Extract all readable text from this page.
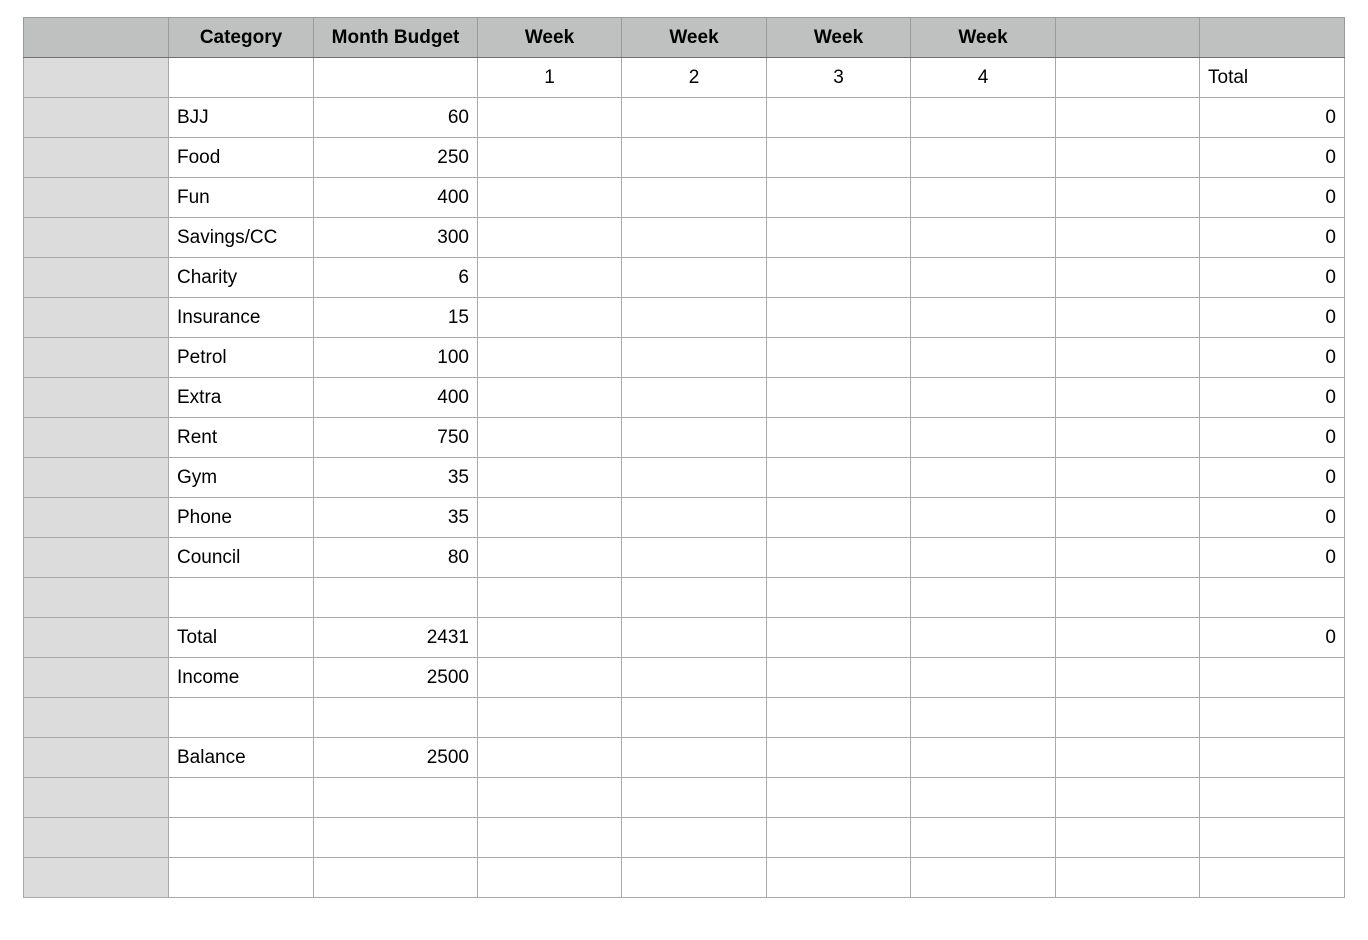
	Category	Month Budget	Week	Week	Week	Week		
			1	2	3	4		Total
	BJJ	60						0
	Food	250						0
	Fun	400						0
	Savings/CC	300						0
	Charity	6						0
	Insurance	15						0
	Petrol	100						0
	Extra	400						0
	Rent	750						0
	Gym	35						0
	Phone	35						0
	Council	80						0

	Total	2431						0
	Income	2500						

	Balance	2500						
